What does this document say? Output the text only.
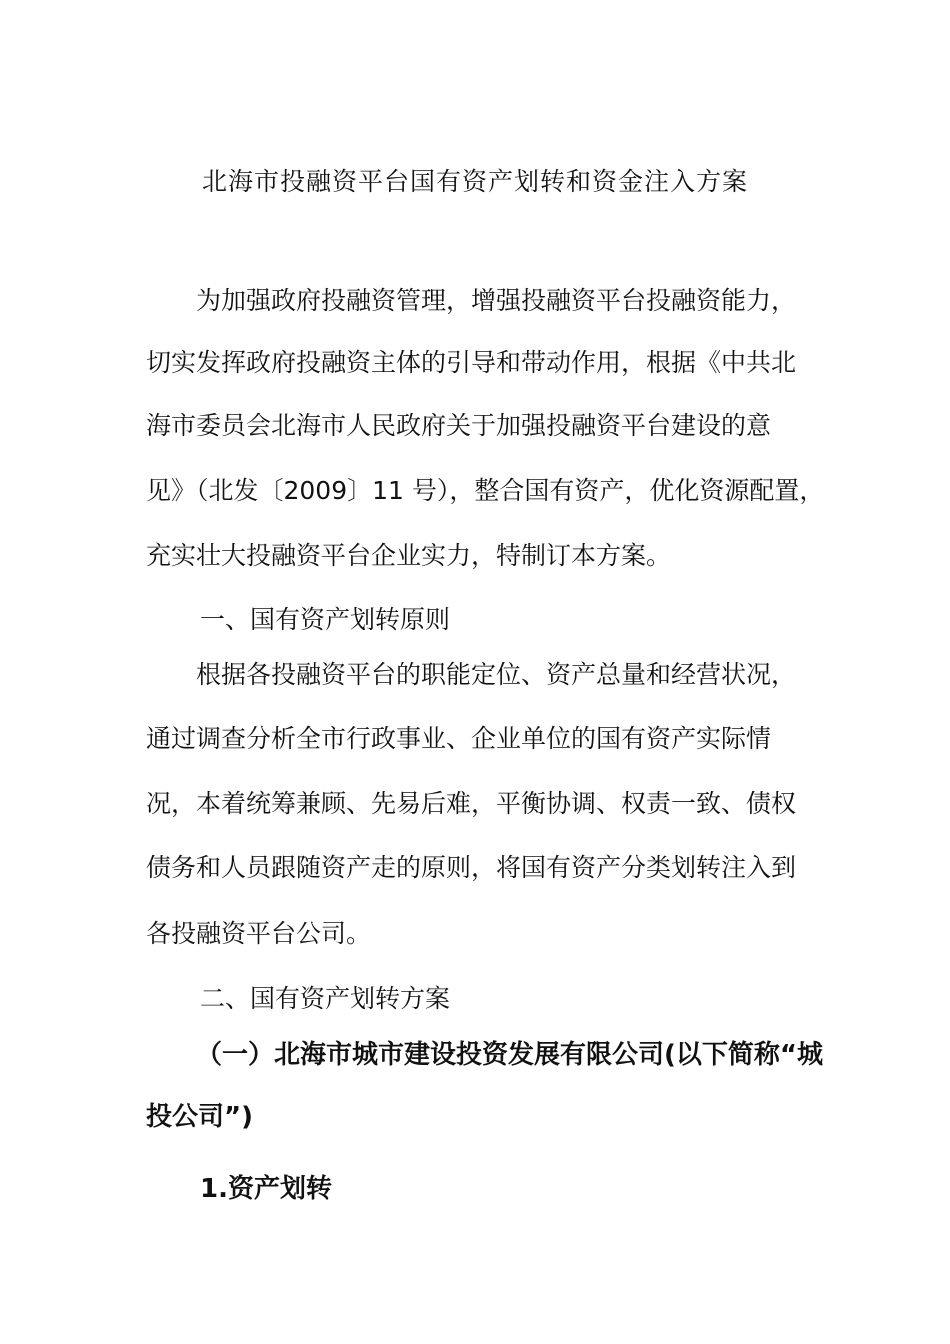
北海市投融资平台国有资产划转和资金注入方案
为加强政府投融资管理，增强投融资平台投融资能力，
切实发挥政府投融资主体的引导和带动作用，根据《中共北
海市委员会北海市人民政府关于加强投融资平台建设的意
见》（北发〔2009〕11 号），整合国有资产，优化资源配置，
充实壮大投融资平台企业实力，特制订本方案。
一、国有资产划转原则
根据各投融资平台的职能定位、资产总量和经营状况，
通过调查分析全市行政事业、企业单位的国有资产实际情
况，本着统筹兼顾、先易后难，平衡协调、权责一致、债权
债务和人员跟随资产走的原则，将国有资产分类划转注入到
各投融资平台公司。
二、国有资产划转方案
（一）北海市城市建设投资发展有限公司(以下简称“城
投公司”)
1.资产划转
